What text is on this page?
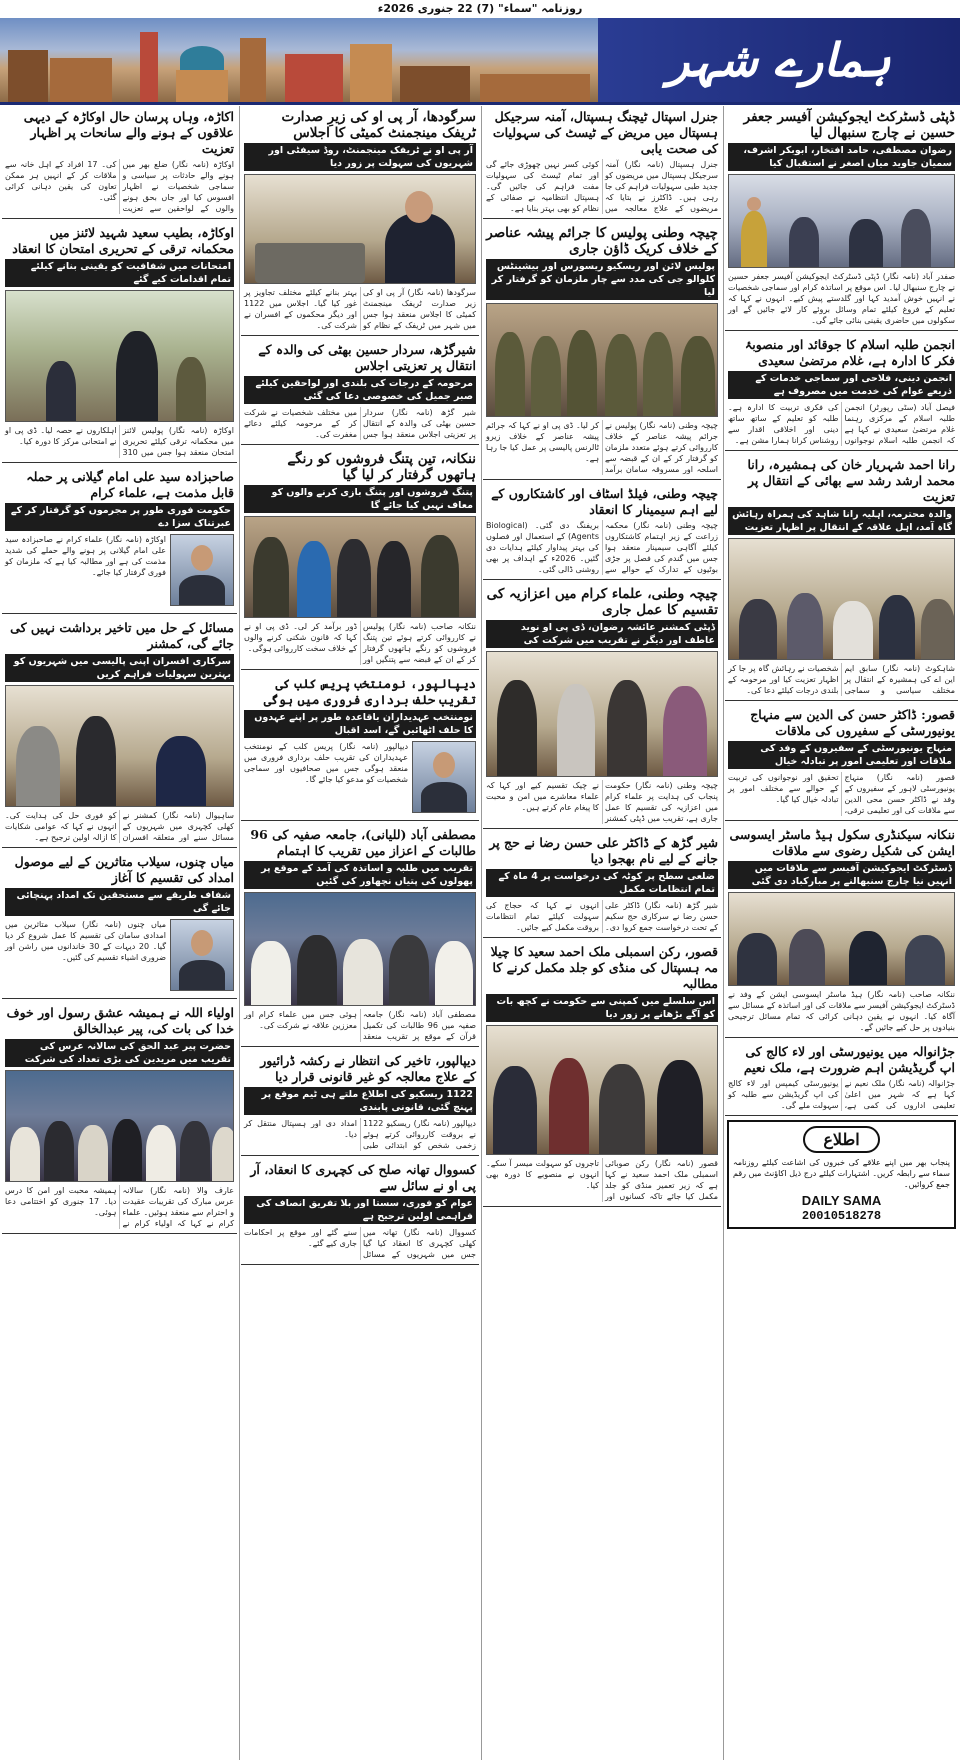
روزنامہ "سماء" (7) 22 جنوری 2026ء
ہمارے شہر
ڈپٹی ڈسٹرکٹ ایجوکیشن آفیسر جعفر حسین نے چارج سنبھال لیا
رضوان مصطفی، حامد افتخار، ابوبکر اشرف، سمیان جاوید میاں اصغر نے استقبال کیا
صفدر آباد (نامہ نگار) ڈپٹی ڈسٹرکٹ ایجوکیشن آفیسر جعفر حسین نے چارج سنبھال لیا۔ اس موقع پر اساتذہ کرام اور سماجی شخصیات نے انہیں خوش آمدید کہا اور گلدستے پیش کیے۔ انہوں نے کہا کہ تعلیم کے فروغ کیلئے تمام وسائل بروئے کار لائے جائیں گے اور سکولوں میں حاضری یقینی بنائی جائے گی۔
انجمن طلبہ اسلام کا جوقائد اور منصوبۂ فکر کا ادارہ ہے، غلام مرتضیٰ سعیدی
انجمن دینی، فلاحی اور سماجی خدمات کے ذریعے عوام کی خدمت میں مصروف ہے
فیصل آباد (سٹی رپورٹر) انجمن طلبہ اسلام کے مرکزی رہنما غلام مرتضیٰ سعیدی نے کہا ہے کہ انجمن طلبہ اسلام نوجوانوں کی فکری تربیت کا ادارہ ہے۔ طلبہ کو تعلیم کے ساتھ ساتھ دینی اور اخلاقی اقدار سے روشناس کرانا ہمارا مشن ہے۔
رانا احمد شہریار خان کی ہمشیرہ، رانا محمد ارشد رشد سے بھائی کے انتقال پر تعزیت
والدہ محترمہ، اہلیہ رانا شاہد کی ہمراہ رہائش گاہ آمد، اہل علاقہ کے انتقال پر اظہار تعزیت
شاہکوٹ (نامہ نگار) سابق ایم این اے کی ہمشیرہ کے انتقال پر مختلف سیاسی و سماجی شخصیات نے رہائش گاہ پر جا کر اظہار تعزیت کیا اور مرحومہ کے بلندی درجات کیلئے دعا کی۔
قصور: ڈاکٹر حسن کی الدین سے منہاج یونیورسٹی کے سفیروں کی ملاقات
منہاج یونیورسٹی کے سفیروں کے وفد کی ملاقات اور تعلیمی امور پر تبادلہ خیال
قصور (نامہ نگار) منہاج یونیورسٹی لاہور کے سفیروں کے وفد نے ڈاکٹر حسن محی الدین سے ملاقات کی اور تعلیمی ترقی، تحقیق اور نوجوانوں کی تربیت کے حوالے سے مختلف امور پر تبادلہ خیال کیا گیا۔
ننکانہ سیکنڈری سکول ہیڈ ماسٹر ایسوسی ایشن کی شکیل رضوی سے ملاقات
ڈسٹرکٹ ایجوکیشن آفیسر سے ملاقات میں انہیں نیا چارج سنبھالنے پر مبارکباد دی گئی
ننکانہ صاحب (نامہ نگار) ہیڈ ماسٹر ایسوسی ایشن کے وفد نے ڈسٹرکٹ ایجوکیشن آفیسر سے ملاقات کی اور اساتذہ کے مسائل سے آگاہ کیا۔ انہوں نے یقین دہانی کرائی کہ تمام مسائل ترجیحی بنیادوں پر حل کیے جائیں گے۔
جڑانوالہ میں یونیورسٹی اور لاء کالج کی اپ گریڈیشن اہم ضرورت ہے، ملک نعیم
جڑانوالہ (نامہ نگار) ملک نعیم نے کہا ہے کہ شہر میں اعلیٰ تعلیمی اداروں کی کمی ہے، یونیورسٹی کیمپس اور لاء کالج کی اپ گریڈیشن سے طلبہ کو سہولت ملے گی۔
اطلاع
پنجاب بھر میں اپنے علاقے کی خبروں کی اشاعت کیلئے روزنامہ سماء سے رابطہ کریں۔ اشتہارات کیلئے درج ذیل اکاؤنٹ میں رقم جمع کروائیں۔
DAILY SAMA
20010518278
جنرل اسپتال ٹیچنگ ہسپتال، آمنہ سرجیکل ہسپتال میں مریض کے ٹیسٹ کی سہولیات کی صحت یابی
جنرل ہسپتال (نامہ نگار) آمنہ سرجیکل ہسپتال میں مریضوں کو جدید طبی سہولیات فراہم کی جا رہی ہیں۔ ڈاکٹرز نے بتایا کہ مریضوں کے علاج معالجہ میں کوئی کسر نہیں چھوڑی جائے گی اور تمام ٹیسٹ کی سہولیات مفت فراہم کی جائیں گی۔ ہسپتال انتظامیہ نے صفائی کے نظام کو بھی بہتر بنایا ہے۔
چیچہ وطنی پولیس کا جرائم پیشہ عناصر کے خلاف کریک ڈاؤن جاری
پولیس لائن اور ریسکیو ریسورس اور بیشینٹس کلوالو جی کی مدد سے چار ملزمان کو گرفتار کر لیا
چیچہ وطنی (نامہ نگار) پولیس نے جرائم پیشہ عناصر کے خلاف کارروائی کرتے ہوئے متعدد ملزمان کو گرفتار کر کے ان کے قبضہ سے اسلحہ اور مسروقہ سامان برآمد کر لیا۔ ڈی پی او نے کہا کہ جرائم پیشہ عناصر کے خلاف زیرو ٹالرنس پالیسی پر عمل کیا جا رہا ہے۔
چیچہ وطنی، فیلڈ اسٹاف اور کاشتکاروں کے لیے اہم سیمینار کا انعقاد
چیچہ وطنی (نامہ نگار) محکمہ زراعت کے زیر اہتمام کاشتکاروں کیلئے آگاہی سیمینار منعقد ہوا جس میں گندم کی فصل پر جڑی بوٹیوں کے تدارک کے حوالے سے بریفنگ دی گئی۔ (Biological Agents) کے استعمال اور فصلوں کی بہتر پیداوار کیلئے ہدایات دی گئیں۔ 2026ء کے اہداف پر بھی روشنی ڈالی گئی۔
چیچہ وطنی، علماء کرام میں اعزازیہ کی تقسیم کا عمل جاری
ڈپٹی کمشنر عائشہ رضوان، ڈی پی او نوید عاطف اور دیگر نے تقریب میں شرکت کی
چیچہ وطنی (نامہ نگار) حکومت پنجاب کی ہدایت پر علماء کرام میں اعزازیہ کی تقسیم کا عمل جاری ہے، تقریب میں ڈپٹی کمشنر نے چیک تقسیم کیے اور کہا کہ علماء معاشرے میں امن و محبت کا پیغام عام کرتے ہیں۔
شیر گڑھ کے ڈاکٹر علی حسن رضا نے حج پر جانے کے لیے نام بھجوا دیا
ضلعی سطح پر کوٹہ کی درخواست پر 4 ماہ کے تمام انتظامات مکمل
شیر گڑھ (نامہ نگار) ڈاکٹر علی حسن رضا نے سرکاری حج سکیم کے تحت درخواست جمع کروا دی۔ انہوں نے کہا کہ حجاج کی سہولت کیلئے تمام انتظامات بروقت مکمل کیے جائیں۔
قصور، رکن اسمبلی ملک احمد سعید کا چیلا مہ ہسپتال کی منڈی کو جلد مکمل کرنے کا مطالبہ
اس سلسلے میں کمپنی سے حکومت نے کچھ بات کو آگے بڑھانے پر زور دیا
قصور (نامہ نگار) رکن صوبائی اسمبلی ملک احمد سعید نے کہا ہے کہ زیر تعمیر منڈی کو جلد مکمل کیا جائے تاکہ کسانوں اور تاجروں کو سہولت میسر آ سکے۔ انہوں نے منصوبے کا دورہ بھی کیا۔
سرگودھا، آر پی او کی زیرِ صدارت ٹریفک مینجمنٹ کمیٹی کا اجلاس
آر پی او نے ٹریفک مینجمنٹ، روڈ سیفٹی اور شہریوں کی سہولت پر زور دیا
سرگودھا (نامہ نگار) آر پی او کی زیر صدارت ٹریفک مینجمنٹ کمیٹی کا اجلاس منعقد ہوا جس میں شہر میں ٹریفک کے نظام کو بہتر بنانے کیلئے مختلف تجاویز پر غور کیا گیا۔ اجلاس میں 1122 اور دیگر محکموں کے افسران نے شرکت کی۔
شیرگڑھ، سردار حسین بھٹی کی والدہ کے انتقال پر تعزیتی اجلاس
مرحومہ کے درجات کی بلندی اور لواحقین کیلئے صبر جمیل کی خصوصی دعا کی گئی
شیر گڑھ (نامہ نگار) سردار حسین بھٹی کی والدہ کے انتقال پر تعزیتی اجلاس منعقد ہوا جس میں مختلف شخصیات نے شرکت کر کے مرحومہ کیلئے دعائے مغفرت کی۔
ننکانہ، تین پتنگ فروشوں کو رنگے ہاتھوں گرفتار کر لیا گیا
پتنگ فروشوں اور پتنگ بازی کرنے والوں کو معاف نہیں کیا جائے گا
ننکانہ صاحب (نامہ نگار) پولیس نے کارروائی کرتے ہوئے تین پتنگ فروشوں کو رنگے ہاتھوں گرفتار کر کے ان کے قبضہ سے پتنگیں اور ڈور برآمد کر لی۔ ڈی پی او نے کہا کہ قانون شکنی کرنے والوں کے خلاف سخت کارروائی ہوگی۔
دیپالپور، نومنتخب پریس کلب کی تقریب حلف برداری فروری میں ہوگی
نومنتخب عہدیداران باقاعدہ طور پر اپنے عہدوں کا حلف اٹھائیں گے، اسد اقبال
دیپالپور (نامہ نگار) پریس کلب کے نومنتخب عہدیداران کی تقریب حلف برداری فروری میں منعقد ہوگی جس میں صحافیوں اور سماجی شخصیات کو مدعو کیا جائے گا۔
مصطفی آباد (للیانی)، جامعہ صفیہ کی 96 طالبات کے اعزاز میں تقریب کا اہتمام
تقریب میں طلبہ و اساتذہ کی آمد کے موقع پر پھولوں کی پتیاں نچھاور کی گئیں
مصطفی آباد (نامہ نگار) جامعہ صفیہ میں 96 طالبات کی تکمیل قرآن کے موقع پر تقریب منعقد ہوئی جس میں علماء کرام اور معززین علاقہ نے شرکت کی۔
دیپالپور، تاخیر کی انتظار نے رکشہ ڈرائیور کے علاج معالجہ کو غیر قانونی قرار دیا
1122 ریسکیو کی اطلاع ملتے ہی ٹیم موقع پر پہنچ گئی، قانونی پابندی
دیپالپور (نامہ نگار) ریسکیو 1122 نے بروقت کارروائی کرتے ہوئے زخمی شخص کو ابتدائی طبی امداد دی اور ہسپتال منتقل کر دیا۔
کسووال تھانہ صلح کی کچہری کا انعقاد، آر پی او نے سائل سے
عوام کو فوری، سستا اور بلا تفریق انصاف کی فراہمی اولین ترجیح ہے
کسووال (نامہ نگار) تھانہ میں کھلی کچہری کا انعقاد کیا گیا جس میں شہریوں کے مسائل سنے گئے اور موقع پر احکامات جاری کیے گئے۔
اکاڑہ، وہاں پرسان حال اوکاڑہ کے دیہی علاقوں کے ہونے والے سانحات پر اظہار تعزیت
اوکاڑہ (نامہ نگار) ضلع بھر میں ہونے والے حادثات پر سیاسی و سماجی شخصیات نے اظہار افسوس کیا اور جاں بحق ہونے والوں کے لواحقین سے تعزیت کی۔ 17 افراد کے اہل خانہ سے ملاقات کر کے انہیں ہر ممکن تعاون کی یقین دہانی کرائی گئی۔
اوکاڑہ، بطیب سعید شہید لائنز میں محکمانہ ترقی کے تحریری امتحان کا انعقاد
امتحانات میں شفافیت کو یقینی بنانے کیلئے تمام اقدامات کیے گئے
اوکاڑہ (نامہ نگار) پولیس لائنز میں محکمانہ ترقی کیلئے تحریری امتحان منعقد ہوا جس میں 310 اہلکاروں نے حصہ لیا۔ ڈی پی او نے امتحانی مرکز کا دورہ کیا۔
صاحبزادہ سید علی امام گیلانی پر حملہ قابل مذمت ہے، علماء کرام
حکومت فوری طور پر مجرموں کو گرفتار کر کے عبرتناک سزا دے
اوکاڑہ (نامہ نگار) علماء کرام نے صاحبزادہ سید علی امام گیلانی پر ہونے والے حملے کی شدید مذمت کی ہے اور مطالبہ کیا ہے کہ ملزمان کو فوری گرفتار کیا جائے۔
مسائل کے حل میں تاخیر برداشت نہیں کی جائے گی، کمشنر
سرکاری افسران اپنی پالیسی میں شہریوں کو بہترین سہولیات فراہم کریں
ساہیوال (نامہ نگار) کمشنر نے کھلی کچہری میں شہریوں کے مسائل سنے اور متعلقہ افسران کو فوری حل کی ہدایت کی۔ انہوں نے کہا کہ عوامی شکایات کا ازالہ اولین ترجیح ہے۔
میاں چنوں، سیلاب متاثرین کے لیے موصول امداد کی تقسیم کا آغاز
شفاف طریقے سے مستحقین تک امداد پہنچائی جائے گی
میاں چنوں (نامہ نگار) سیلاب متاثرین میں امدادی سامان کی تقسیم کا عمل شروع کر دیا گیا۔ 20 دیہات کے 30 خاندانوں میں راشن اور ضروری اشیاء تقسیم کی گئیں۔
اولیاء اللہ نے ہمیشہ عشق رسول اور خوف خدا کی بات کی، پیر عبدالخالق
حضرت پیر عبد الحق کی سالانہ عرس کی تقریب میں مریدین کی بڑی تعداد کی شرکت
عارف والا (نامہ نگار) سالانہ عرس مبارک کی تقریبات عقیدت و احترام سے منعقد ہوئیں۔ علماء کرام نے کہا کہ اولیاء کرام نے ہمیشہ محبت اور امن کا درس دیا۔ 17 جنوری کو اختتامی دعا ہوئی۔
